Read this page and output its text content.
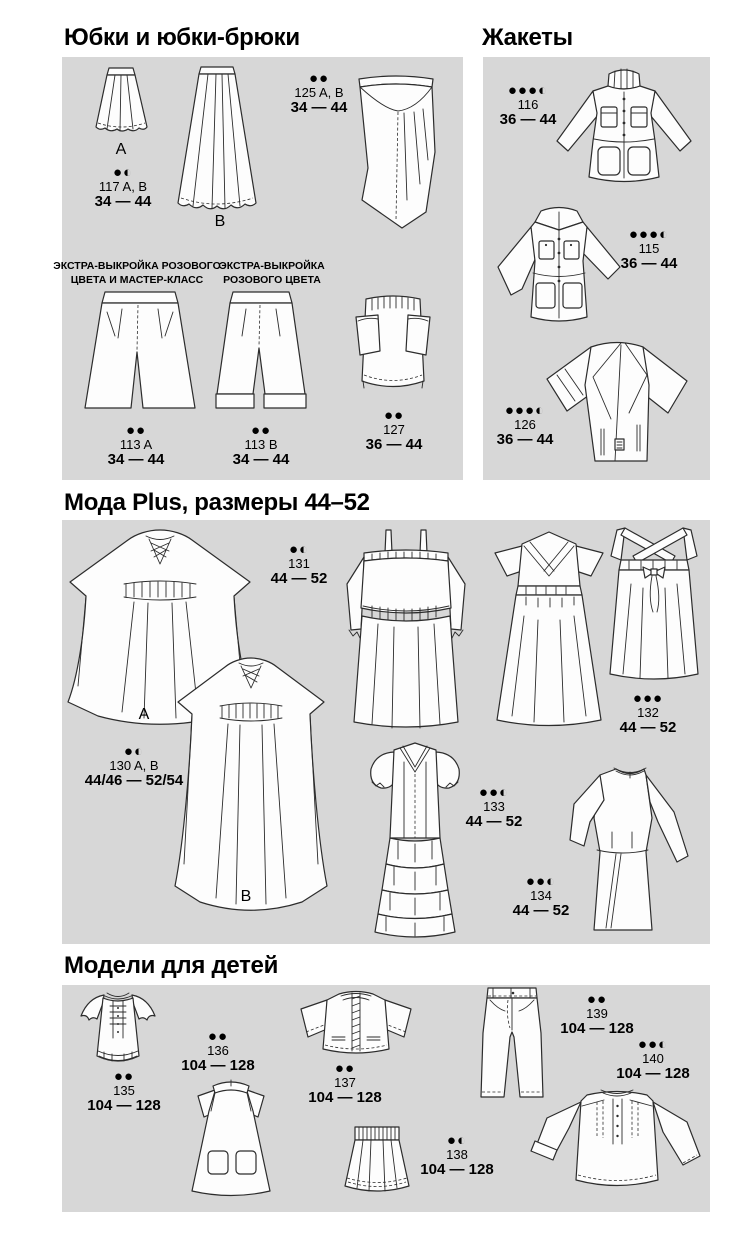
Юбки и юбки-брюки	Жакеты
Мода Plus, размеры 44–52
Модели для детей
A
●◐
117 A, B
34 — 44
B
●●
125 A, B
34 — 44
ЭКСТРА-ВЫКРОЙКА РОЗОВОГО
ЦВЕТА И МАСТЕР-КЛАСС
ЭКСТРА-ВЫКРОЙКА
РОЗОВОГО ЦВЕТА
●●
113 A
34 — 44
●●
113 B
34 — 44
●●
127
36 — 44
●●●◐
116
36 — 44
●●●◐
115
36 — 44
●●●◐
126
36 — 44
A
●◐
131
44 — 52
●●●
132
44 — 52
●◐
130 A, B
44/46 — 52/54
B
●●◐
133
44 — 52
●●◐
134
44 — 52
●●
135
104 — 128
●●
136
104 — 128	●●
137
104 — 128
●●
139
104 — 128
●●◐
140
104 — 128
●◐
138
104 — 128
